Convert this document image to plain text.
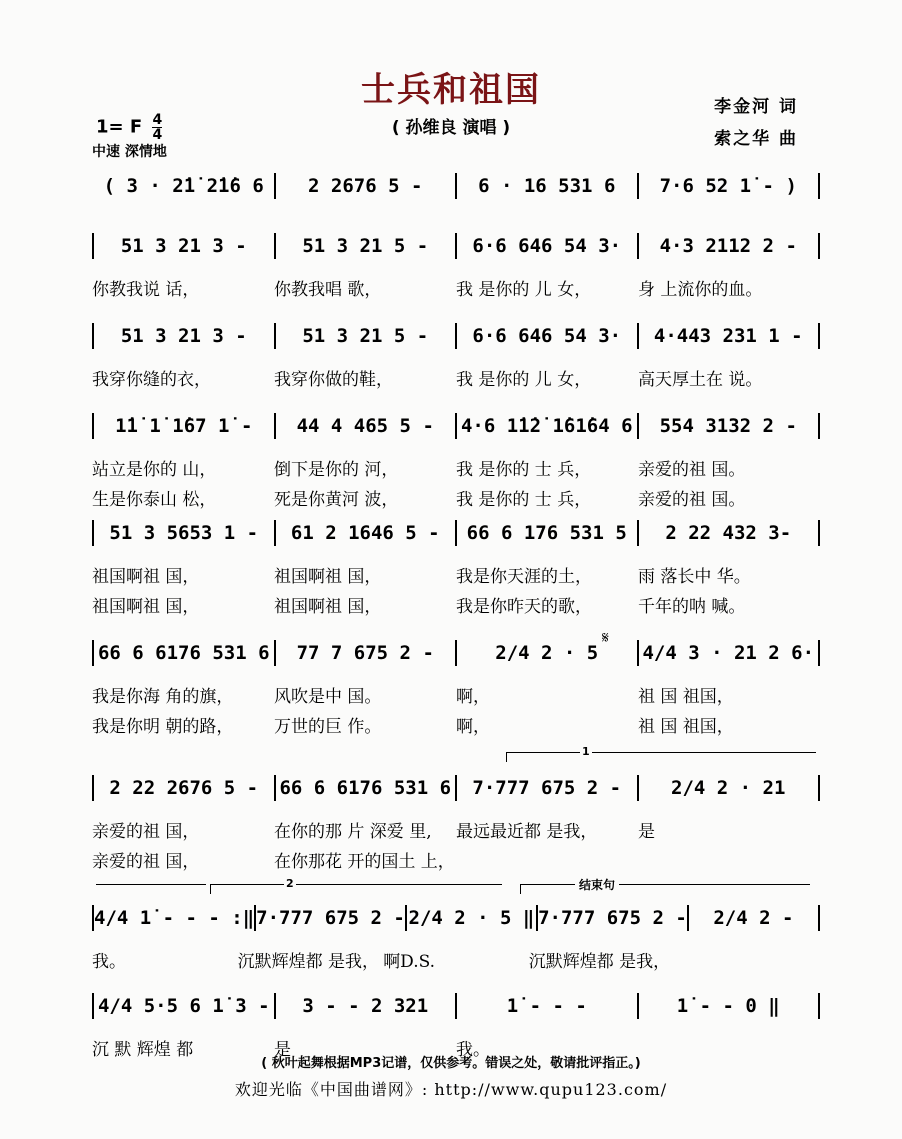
士兵和祖国
( 孙维良 演唱 )
李金河 词
索之华 曲
1= F $\frac{4}{4}$
中速 深情地
( 3 · 2̇1̇ 2̇1̇6 6	2 2676 5 -	6 · 16 531 6	7·6 52 1̇ - )
51 3 21 3 -	51 3 21 5 -	6·6 646 54 3·	4·3 2112 2 -
你教我说 话，	你教我唱 歌，	我 是你的 儿 女，	身 上流你的血。
51 3 21 3 -	51 3 21 5 -	6·6 646 54 3·	4·443 231 1 -
我穿你缝的衣，	我穿你做的鞋，	我 是你的 儿 女，	高天厚土在 说。
1̇1̇ 1̇ 1̇67 1̇ -	44 4 465 5 -	4·6 1̇1̇2̇ 1̇61̇64 6	554 3132 2 -
站立是你的 山，	倒下是你的 河，	我 是你的 士 兵，	亲爱的祖 国。
生是你泰山 松，	死是你黄河 波，	我 是你的 士 兵，	亲爱的祖 国。
51 3 5653 1 -	61 2 1646 5 -	66 6 176 531 5	2 22 432 3-
祖国啊祖 国，	祖国啊祖 国，	我是你天涯的土，	雨 落长中 华。
祖国啊祖 国，	祖国啊祖 国，	我是你昨天的歌，	千年的呐 喊。
66 6 6176 531 6	77 7 675 2 -	2/4 2 · 5	4/4 3 · 21 2 6·
我是你海 角的旗，	风吹是中 国。	啊，	祖 国 祖国，
我是你明 朝的路，	万世的巨 作。	啊，	祖 国 祖国，
2 22 2676 5 -	66 6 6176 531 6	7·777 675 2 -	2/4 2 · 21
亲爱的祖 国，	在你的那 片 深爱 里,	最远最近都 是我，	是
亲爱的祖 国，	在你那花 开的国土 上，
4/4 1̇ - - - :‖ 7·777 675 2 - 2/4 2 · 5 ‖ 7·777 675 2 -	2/4 2 -
我。	沉默辉煌都 是我， 啊D.S.	沉默辉煌都 是我，
4/4 5·5 6 1̇ 3 -	3 - - 2 321	1̇ - - -	1̇ - - 0 ‖
沉 默 辉煌 都	是	我。
1
2	结束句
𝄋
( 秋叶起舞根据MP3记谱，仅供参考。错误之处，敬请批评指正。)
欢迎光临《中国曲谱网》: http://www.qupu123.com/
